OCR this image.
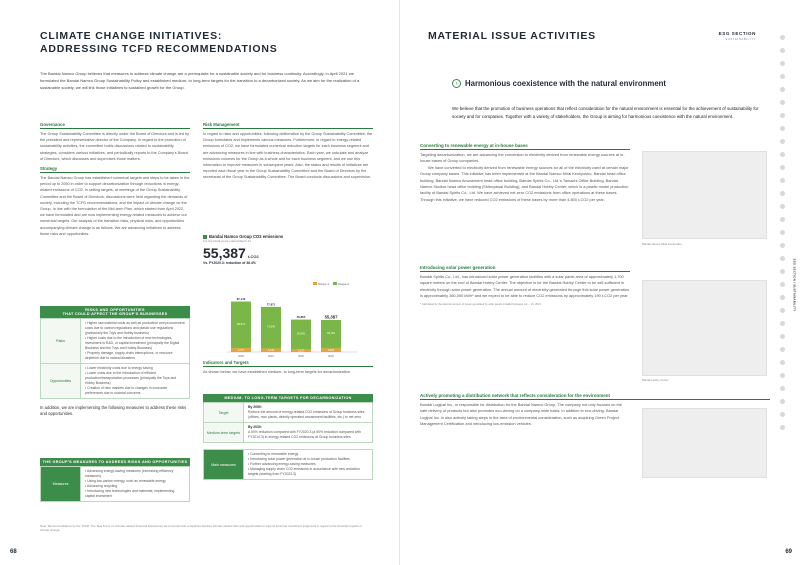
CLIMATE CHANGE INITIATIVES:
ADDRESSING TCFD RECOMMENDATIONS

The Bandai Namco Group believes that measures to address climate change are a prerequisite for a sustainable society and for business continuity. Accordingly, in April 2021 we formulated the Bandai Namco Group Sustainability Policy and established medium- to long-term targets for the transition to a decarbonized society. As we aim for the realization of a sustainable society, we will link those initiatives to sustained growth for the Group.

Governance

The Group Sustainability Committee is directly under the Board of Directors and is led by the president and representative director of the Company. In regard to the promotion of sustainability activities, the committee holds discussions related to sustainability strategies, considers various initiatives, and periodically reports to the Company's Board of Directors, which discusses and supervises those matters.

Strategy

The Bandai Namco Group has established numerical targets and steps to be taken in the period up to 2050 in order to support decarbonization through reductions in energy-related emissions of CO2. In setting targets, at meetings of the Group Sustainability Committee and the Board of Directors, discussions were held regarding the demands of society, including the TCFD recommendations, and the impact of climate change on the Group. In line with the formulation of the Mid-term Plan, which started from April 2022, we have formulated and are now implementing energy-related measures to achieve our numerical targets. Our analysis of the transition risks, physical risks, and opportunities accompanying climate change is as follows. We are advancing initiatives to address these risks and opportunities.

RISKS AND OPPORTUNITIES
THAT COULD AFFECT THE GROUP'S BUSINESSES
Risks
• Higher raw material costs as well as production and procurement costs due to carbon regulations and plastic use regulations (particularly the Toys and Hobby business)
• Higher costs due to the introduction of new technologies, investment in R&D, or capital investment (principally the Digital Business and the Toys and Hobby Business)
• Property damage, supply chain interruptions, or resource depletion due to natural disasters
Opportunities
• Lower electricity costs due to energy saving
• Lower costs due to the introduction of efficient production/transportation processes (principally the Toys and Hobby Business)
• Creation of new markets due to changes in consumer preferences due to societal concerns

In addition, we are implementing the following measures to address these risks and opportunities.

THE GROUP'S MEASURES TO ADDRESS RISKS AND OPPORTUNITIES
Measures
• Advancing energy-saving measures (increasing efficiency measures)
• Using low-carbon energy, such as renewable energy
• Advancing recycling
• Introducing new technologies and materials; implementing capital investment
Risk Management

In regard to risks and opportunities, following deliberation by the Group Sustainability Committee, the Group formulates and implements various measures. Furthermore, in regard to energy-related emissions of CO2, we have formulated numerical reduction targets for each business segment and are advancing measures in line with business characteristics. Each year, we calculate and analyze emissions volumes for the Group as a whole and for each business segment, and we use this information to improve measures in subsequent years. Also, the status and results of initiatives are reported each fiscal year to the Group Sustainability Committee and the Board of Directors by the secretariat of the Group Sustainability Committee. The Board conducts discussions and supervision.

Bandai Namco Group CO2 emissions
For the fiscal years ended March 31
55,387 t-CO2
Vs. FY2020.3: reduction of 36.4%
Scope 1	Scope 2
87,140
80,573
6,777
2020
77,871
71,946
6,136
2021
56,865
50,941
5,187
2022
55,387
49,104
6,284
2023
Indicators and Targets

As shown below, we have established medium- to long-term targets for decarbonization.

MEDIUM- TO LONG-TERM TARGETS FOR DECARBONIZATION
Target
By 2050:
Reduce the amount of energy-related CO2 emissions of Group business sites (offices, own plants, directly operated amusement facilities, etc.) to net zero
Medium-term targets
By 2030:
A 50% reduction compared with FY2020.3 (a 50% reduction compared with FY2014.3) in energy-related CO2 emissions at Group business sites
Main measures
• Converting to renewable energy
• Introducing solar power generation at in-house production facilities
• Further advancing energy-saving measures
• Managing supply chain CO2 emissions in accordance with new reduction targets (starting from FY2023.3)

Note: Recommendations by the TCFD: The Task Force on Climate-related Financial Disclosures recommends that companies disclose climate-related risks and opportunities to support informed investment judgments in regard to the financial impacts of climate change.

68
MATERIAL ISSUE ACTIVITIES	ESG SECTION
SUSTAINABILITY
› Harmonious coexistence with the natural environment

We believe that the promotion of business operations that reflect consideration for the natural environment is essential for the achievement of sustainability for society and for companies. Together with a variety of stakeholders, the Group is aiming for harmonious coexistence with the natural environment.

Converting to renewable energy at in-house bases

Targeting decarbonization, we are advancing the conversion to electricity derived from renewable energy sources at in-house bases of Group companies.

We have converted to electricity derived from renewable energy sources for all of the electricity used at certain major Group company bases. This initiative has been implemented at the Bandai Namco Mirai Kenkyusho, Bandai head office building, Bandai Namco Amusement head office building, Bandai Spirits Co., Ltd.'s Tamachi Office Building, Bandai Namco Studios head office building (Shibuyawai Building), and Bandai Hobby Center, which is a plastic model production facility of Bandai Spirits Co., Ltd. We have achieved net zero CO2 emissions from office operations at these bases. Through this initiative, we have reduced CO2 emissions of these bases by more than 4,800 t-CO2 per year.

Bandai Namco Mirai Kenkyusho
Introducing solar power generation

Bandai Spirits Co., Ltd., has introduced solar power generation facilities with a solar panel area of approximately 1,700 square meters on the roof of Bandai Hobby Center. The objective is for the Bandai Hobby Center to be self-sufficient in electricity through solar power generation. The annual amount of electricity generated through this solar power generation is approximately 360,000 kWh* and we expect to be able to reduce CO2 emissions by approximately 190 t-CO2 per year.

* Calculated by the planned amount of power generated by solar panels installed between Jul. – 16, 2021

Bandai Hobby Center
Actively promoting a distribution network that reflects consideration for the environment

Bandai Logipal Inc., is responsible for distribution for the Bandai Namco Group. The company not only focuses on the safe delivery of products but also promotes eco-driving on a company-wide basis. In addition to eco-driving, Bandai Logipal Inc. is also actively taking steps in the area of environmental consideration, such as acquiring Green Project Management Certification and introducing low-emission vehicles.

69
ESG SECTION / SUSTAINABILITY
